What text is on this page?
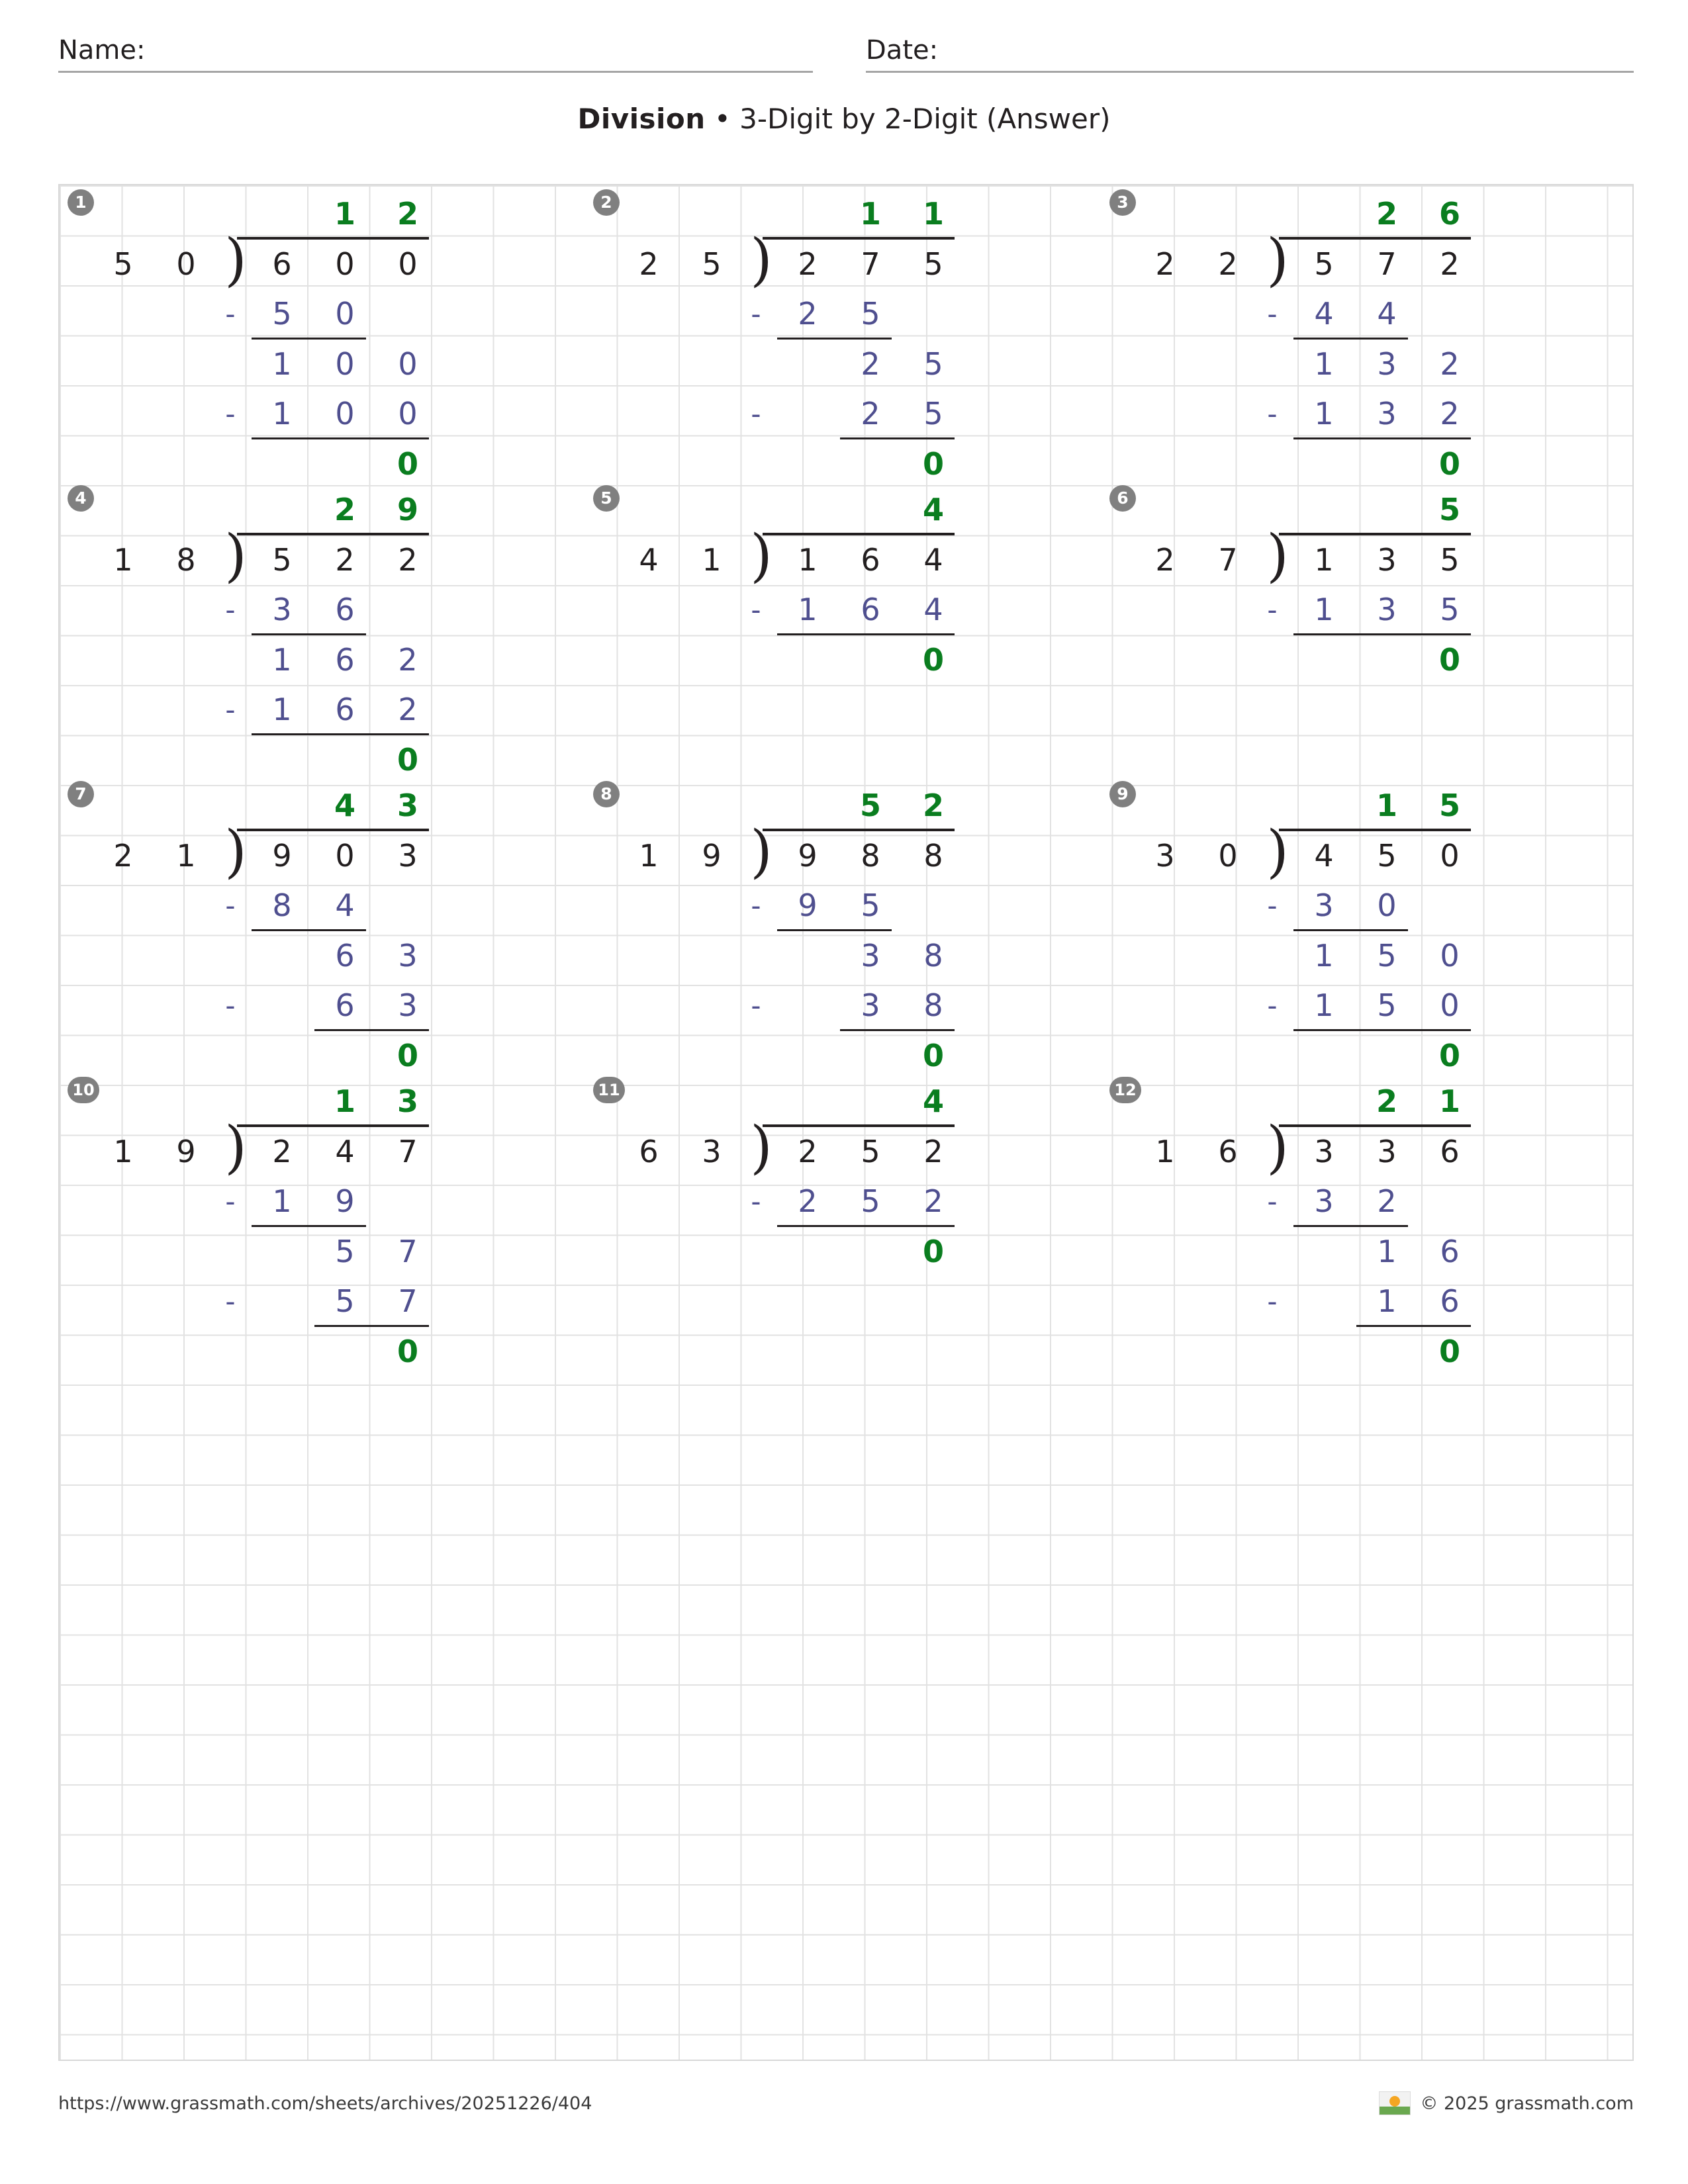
Name:	Date:
Division • 3-Digit by 2-Digit (Answer)
1	1	2
5	0 ) 6	0	0
-	5	0
1	0	0
-	1	0	0
0
2	1	1
2	5 ) 2	7	5
-	2	5
2	5
-	2	5
0
3	2	6
2	2 ) 5	7	2
-	4	4
1	3	2
-	1	3	2
0
4	2	9
1	8 ) 5	2	2
-	3	6
1	6	2
-	1	6	2
0
5	4
4	1 ) 1	6	4
-	1	6	4
0
6	5
2	7 ) 1	3	5
-	1	3	5
0
7	4	3
2	1 ) 9	0	3
-	8	4
6	3
-	6	3
0
8	5	2
1	9 ) 9	8	8
-	9	5
3	8
-	3	8
0
9	1	5
3	0 ) 4	5	0
-	3	0
1	5	0
-	1	5	0
0
10	1	3
1	9 ) 2	4	7
-	1	9
5	7
-	5	7
0
11	4
6	3 ) 2	5	2
-	2	5	2
0
12	2	1
1	6 ) 3	3	6
-	3	2
1	6
-	1	6
0
https://www.grassmath.com/sheets/archives/20251226/404	© 2025 grassmath.com
